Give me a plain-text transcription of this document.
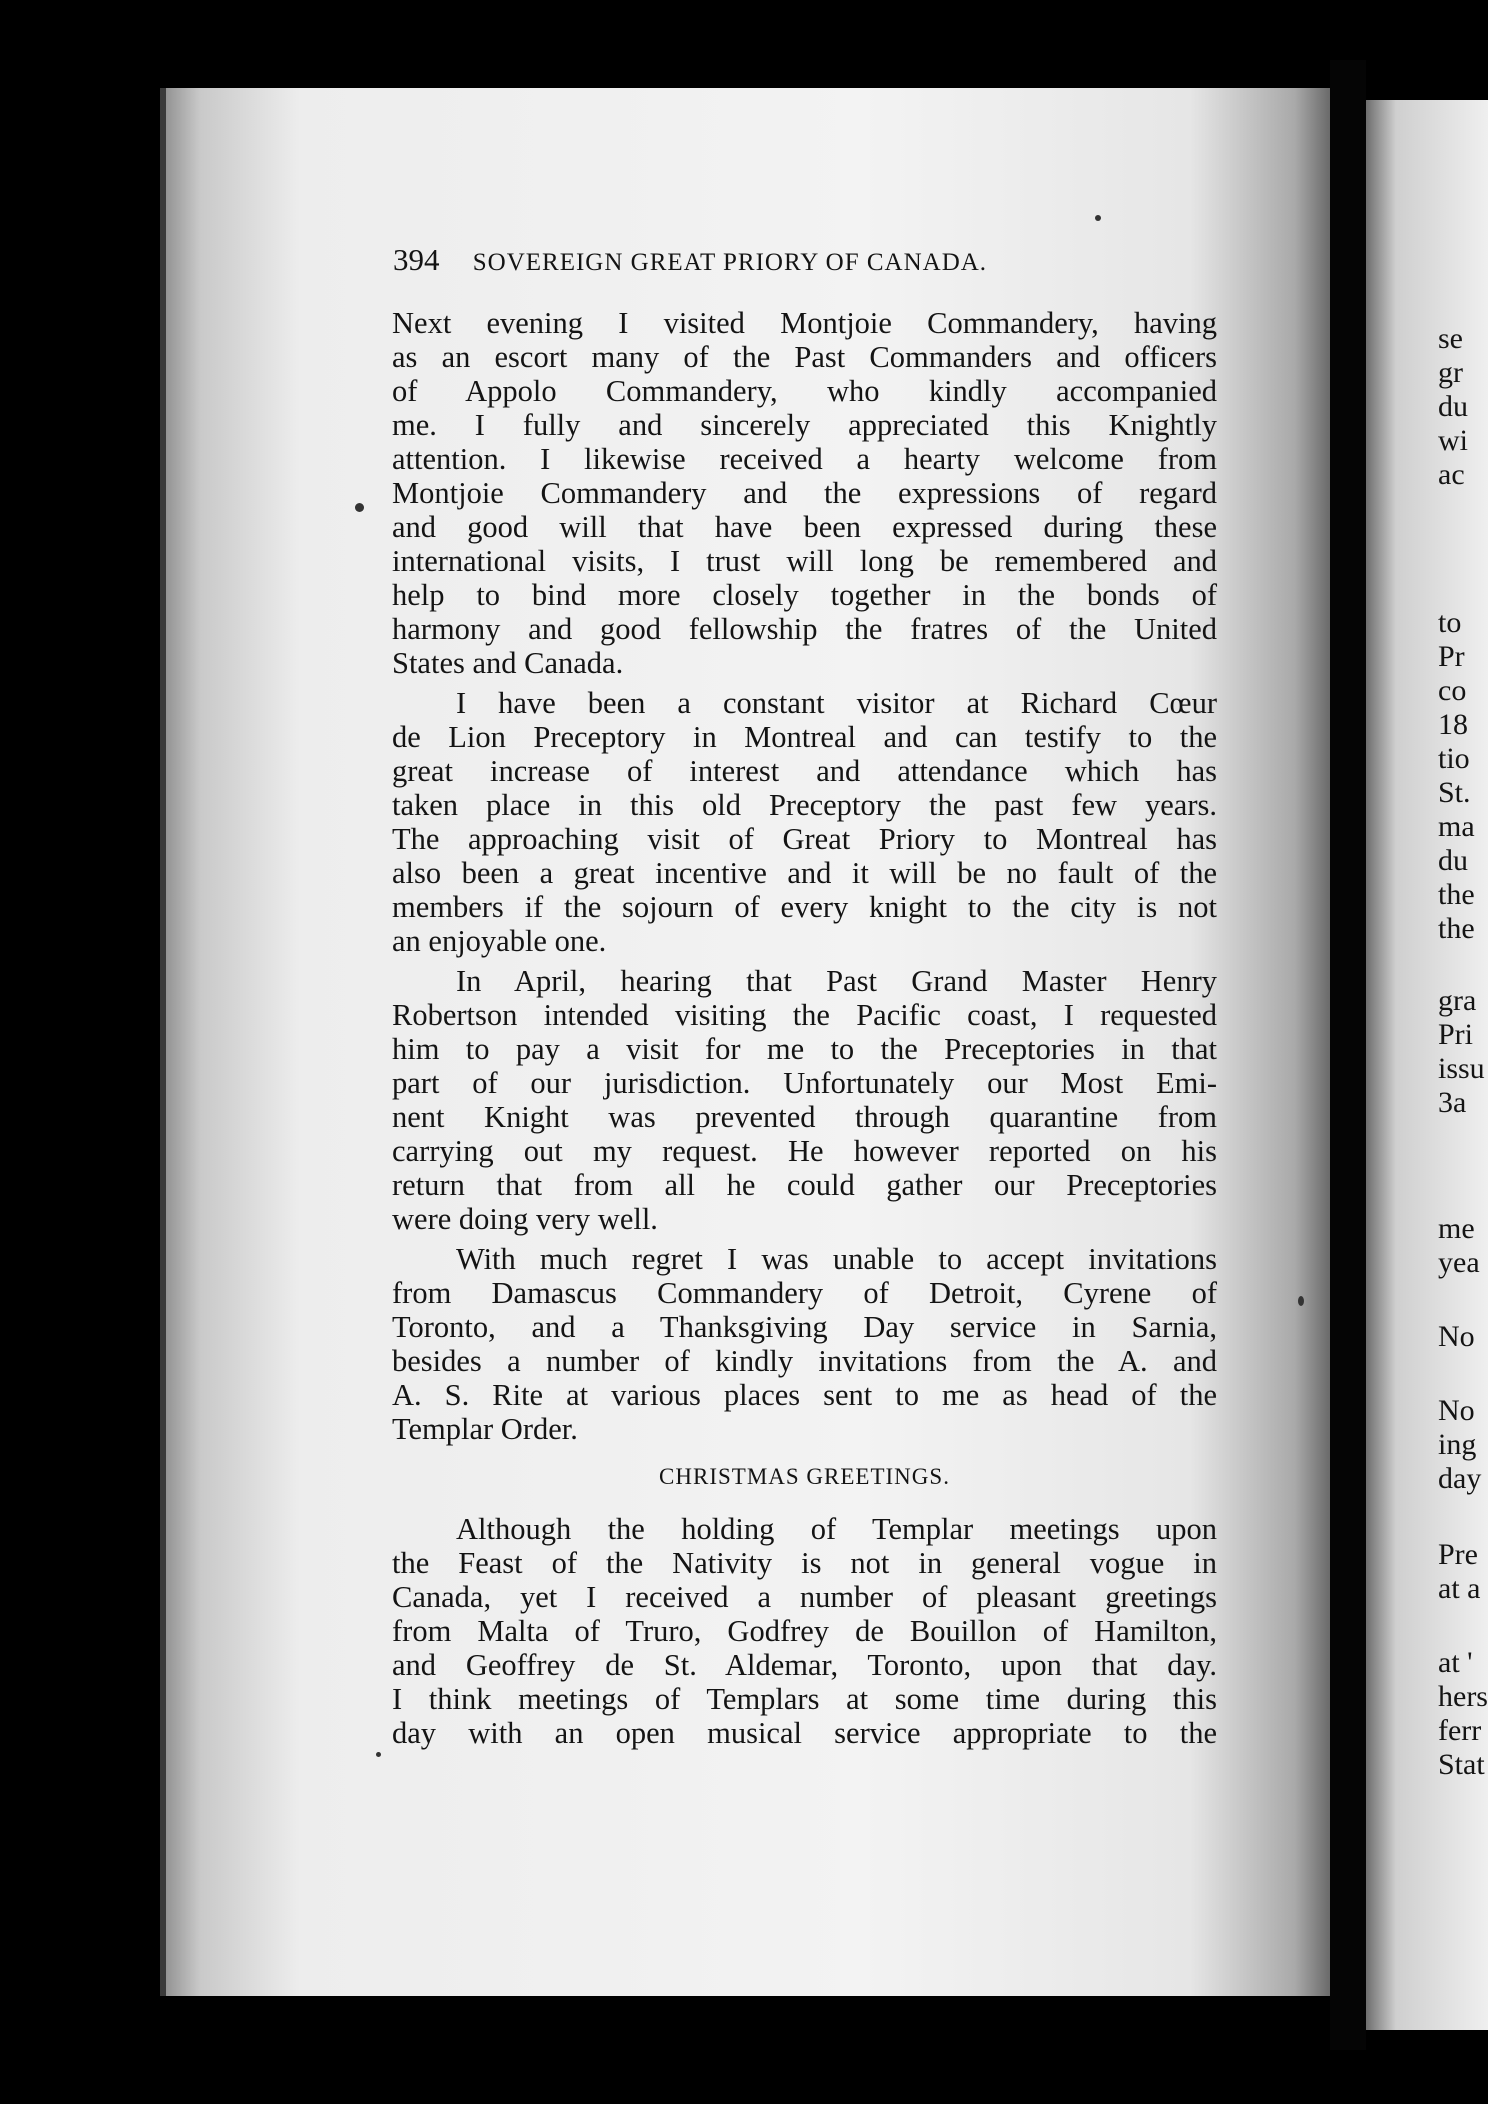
394 SOVEREIGN GREAT PRIORY OF CANADA.
Next evening I visited Montjoie Commandery, having
as an escort many of the Past Commanders and officers
of Appolo Commandery, who kindly accompanied
me. I fully and sincerely appreciated this Knightly
attention. I likewise received a hearty welcome from
Montjoie Commandery and the expressions of regard
and good will that have been expressed during these
international visits, I trust will long be remembered and
help to bind more closely together in the bonds of
harmony and good fellowship the fratres of the United
States and Canada.
I have been a constant visitor at Richard Cœur
de Lion Preceptory in Montreal and can testify to the
great increase of interest and attendance which has
taken place in this old Preceptory the past few years.
The approaching visit of Great Priory to Montreal has
also been a great incentive and it will be no fault of the
members if the sojourn of every knight to the city is not
an enjoyable one.
In April, hearing that Past Grand Master Henry
Robertson intended visiting the Pacific coast, I requested
him to pay a visit for me to the Preceptories in that
part of our jurisdiction. Unfortunately our Most Emi-
nent Knight was prevented through quarantine from
carrying out my request. He however reported on his
return that from all he could gather our Preceptories
were doing very well.
With much regret I was unable to accept invitations
from Damascus Commandery of Detroit, Cyrene of
Toronto, and a Thanksgiving Day service in Sarnia,
besides a number of kindly invitations from the A. and
A. S. Rite at various places sent to me as head of the
Templar Order.
CHRISTMAS GREETINGS.
Although the holding of Templar meetings upon
the Feast of the Nativity is not in general vogue in
Canada, yet I received a number of pleasant greetings
from Malta of Truro, Godfrey de Bouillon of Hamilton,
and Geoffrey de St. Aldemar, Toronto, upon that day.
I think meetings of Templars at some time during this
day with an open musical service appropriate to the
se
gr
du
wi
ac
to
Pr
co
18
tio
St.
ma
du
the
the
gra
Pri
issu
3a
me
yea
No
No
ing
day
Pre
at a
at '
hers
ferr
Stat
